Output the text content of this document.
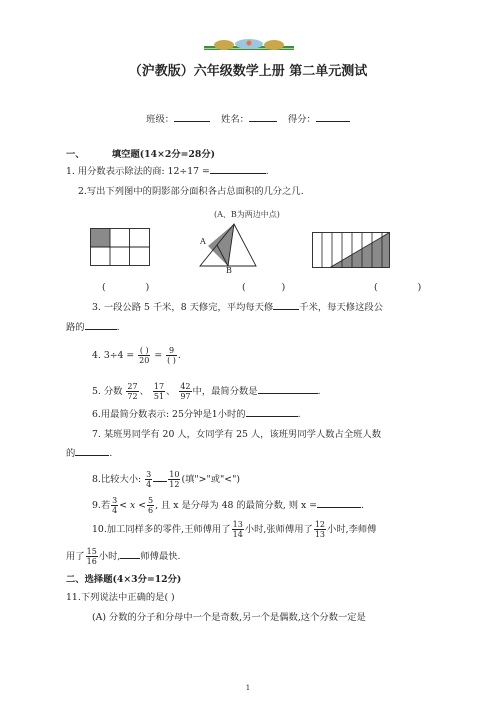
（沪教版）六年级数学上册 第二单元测试
班级：	姓名：	得分：
一、	填空题(14×2分=28分)
1. 用分数表示除法的商: 12÷17 =	.
2.写出下列图中的阴影部分面积各占总面积的几分之几.
(A、B为两边中点)
A
B
(	)	(	)	(	)
3. 一段公路 5 千米，8 天修完，平均每天修	千米，每天修这段公
路的	.
4. $3\div 4 = \frac{( )}{20} = \frac{9}{( )}$ .
5. 分数 $\frac{27}{72}$ 、 $\frac{17}{51}$ 、 $\frac{42}{97}$ 中，最简分数是	.
6.用最简分数表示: 25分钟是1小时的	.
7. 某班男同学有 20 人，女同学有 25 人，该班男同学人数占全班人数
的	.
8.比较大小: $\frac{3}{4} \frac{10}{12}$ (填">"或"<")
9.若 $\frac{3}{4} < x < \frac{5}{6}$ , 且 x 是分母为 48 的最简分数, 则 x =	.
10.加工同样多的零件,王师傅用了 $\frac{13}{14}$ 小时,张师傅用了 $\frac{12}{13}$ 小时,李师傅
用了 $\frac{15}{16}$ 小时, 师傅最快.
二、选择题(4×3分=12分)
11.下列说法中正确的是( )
(A) 分数的分子和分母中一个是奇数,另一个是偶数,这个分数一定是
1
